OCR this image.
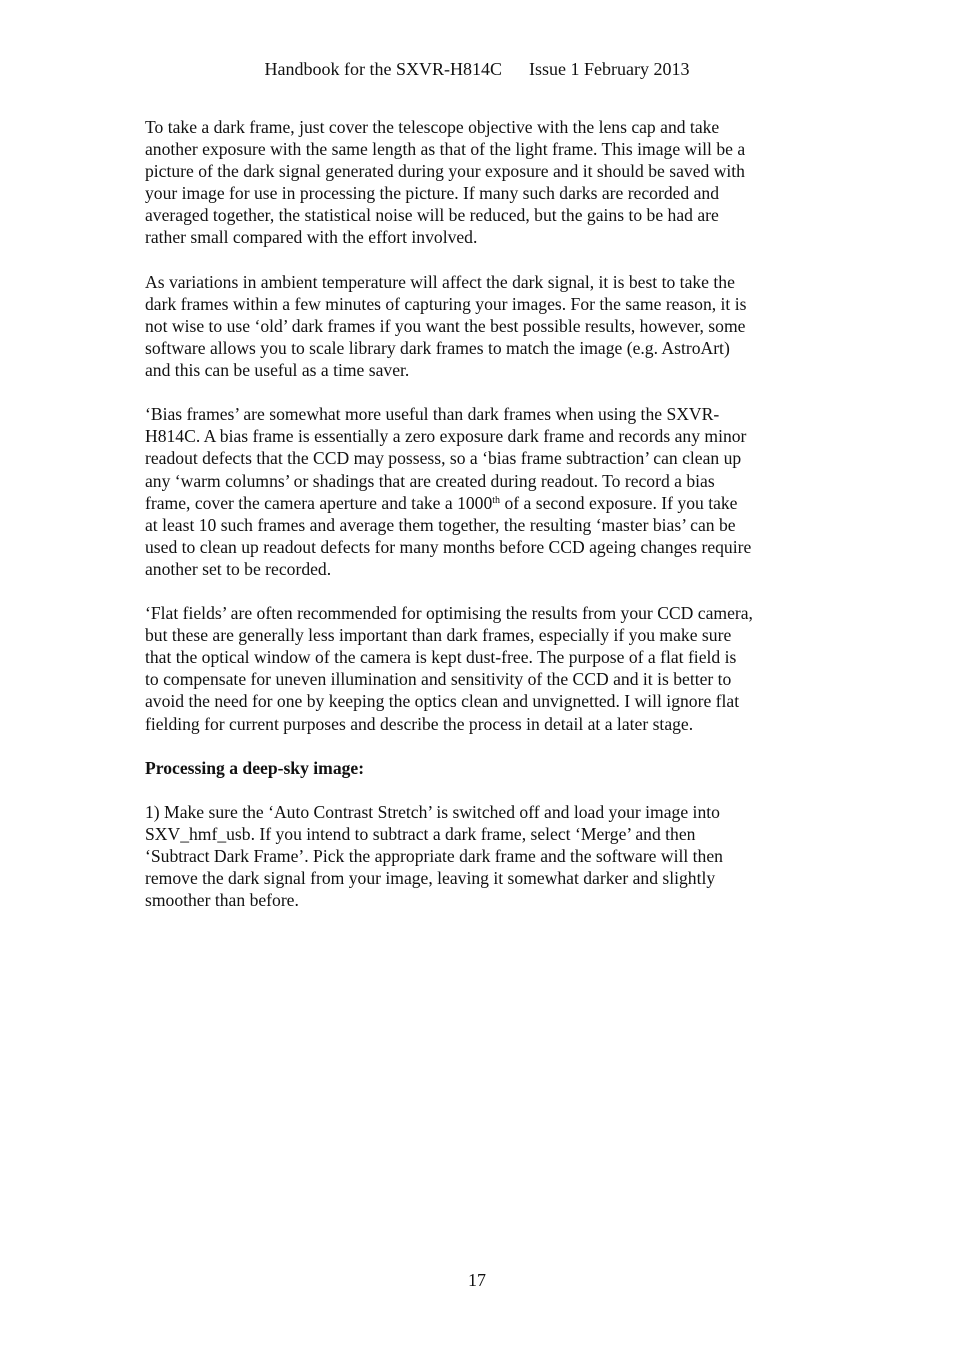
Handbook for the SXVR-H814C Issue 1 February 2013

To take a dark frame, just cover the telescope objective with the lens cap and take
another exposure with the same length as that of the light frame. This image will be a
picture of the dark signal generated during your exposure and it should be saved with
your image for use in processing the picture. If many such darks are recorded and
averaged together, the statistical noise will be reduced, but the gains to be had are
rather small compared with the effort involved.

As variations in ambient temperature will affect the dark signal, it is best to take the
dark frames within a few minutes of capturing your images. For the same reason, it is
not wise to use ‘old’ dark frames if you want the best possible results, however, some
software allows you to scale library dark frames to match the image (e.g. AstroArt)
and this can be useful as a time saver.

‘Bias frames’ are somewhat more useful than dark frames when using the SXVR-
H814C. A bias frame is essentially a zero exposure dark frame and records any minor
readout defects that the CCD may possess, so a ‘bias frame subtraction’ can clean up
any ‘warm columns’ or shadings that are created during readout. To record a bias
frame, cover the camera aperture and take a 1000th of a second exposure. If you take
at least 10 such frames and average them together, the resulting ‘master bias’ can be
used to clean up readout defects for many months before CCD ageing changes require
another set to be recorded.

‘Flat fields’ are often recommended for optimising the results from your CCD camera,
but these are generally less important than dark frames, especially if you make sure
that the optical window of the camera is kept dust-free. The purpose of a flat field is
to compensate for uneven illumination and sensitivity of the CCD and it is better to
avoid the need for one by keeping the optics clean and unvignetted. I will ignore flat
fielding for current purposes and describe the process in detail at a later stage.

Processing a deep-sky image:

1) Make sure the ‘Auto Contrast Stretch’ is switched off and load your image into
SXV_hmf_usb. If you intend to subtract a dark frame, select ‘Merge’ and then
‘Subtract Dark Frame’. Pick the appropriate dark frame and the software will then
remove the dark signal from your image, leaving it somewhat darker and slightly
smoother than before.

17
